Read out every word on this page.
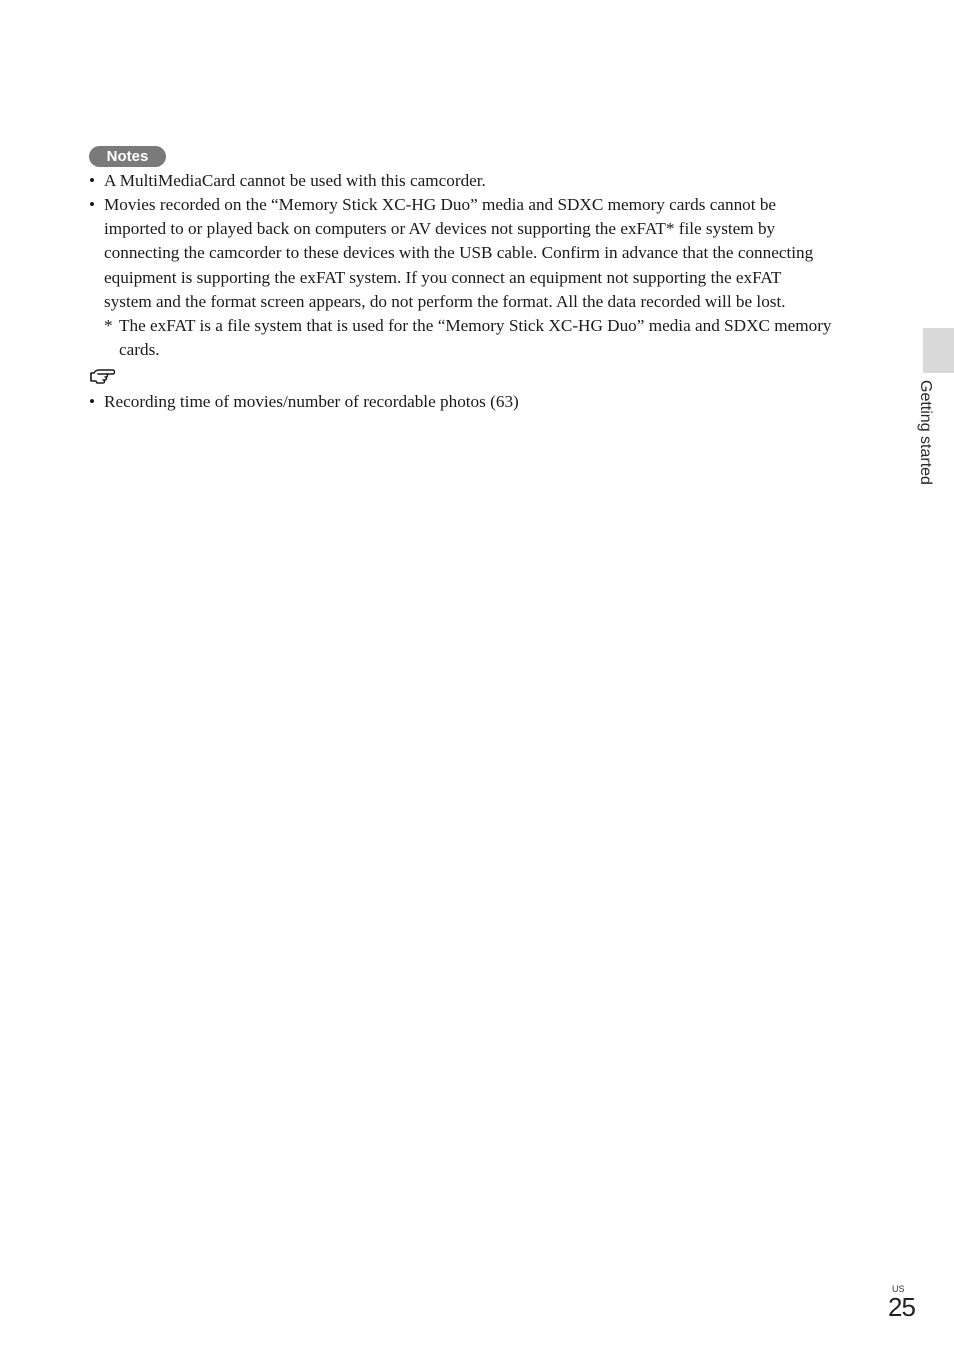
Notes
• A MultiMediaCard cannot be used with this camcorder.
• Movies recorded on the “Memory Stick XC-HG Duo” media and SDXC memory cards cannot be
imported to or played back on computers or AV devices not supporting the exFAT* file system by
connecting the camcorder to these devices with the USB cable. Confirm in advance that the connecting
equipment is supporting the exFAT system. If you connect an equipment not supporting the exFAT
system and the format screen appears, do not perform the format. All the data recorded will be lost.
* The exFAT is a file system that is used for the “Memory Stick XC-HG Duo” media and SDXC memory
cards.
• Recording time of movies/number of recordable photos (63)	Getting started
US
25
